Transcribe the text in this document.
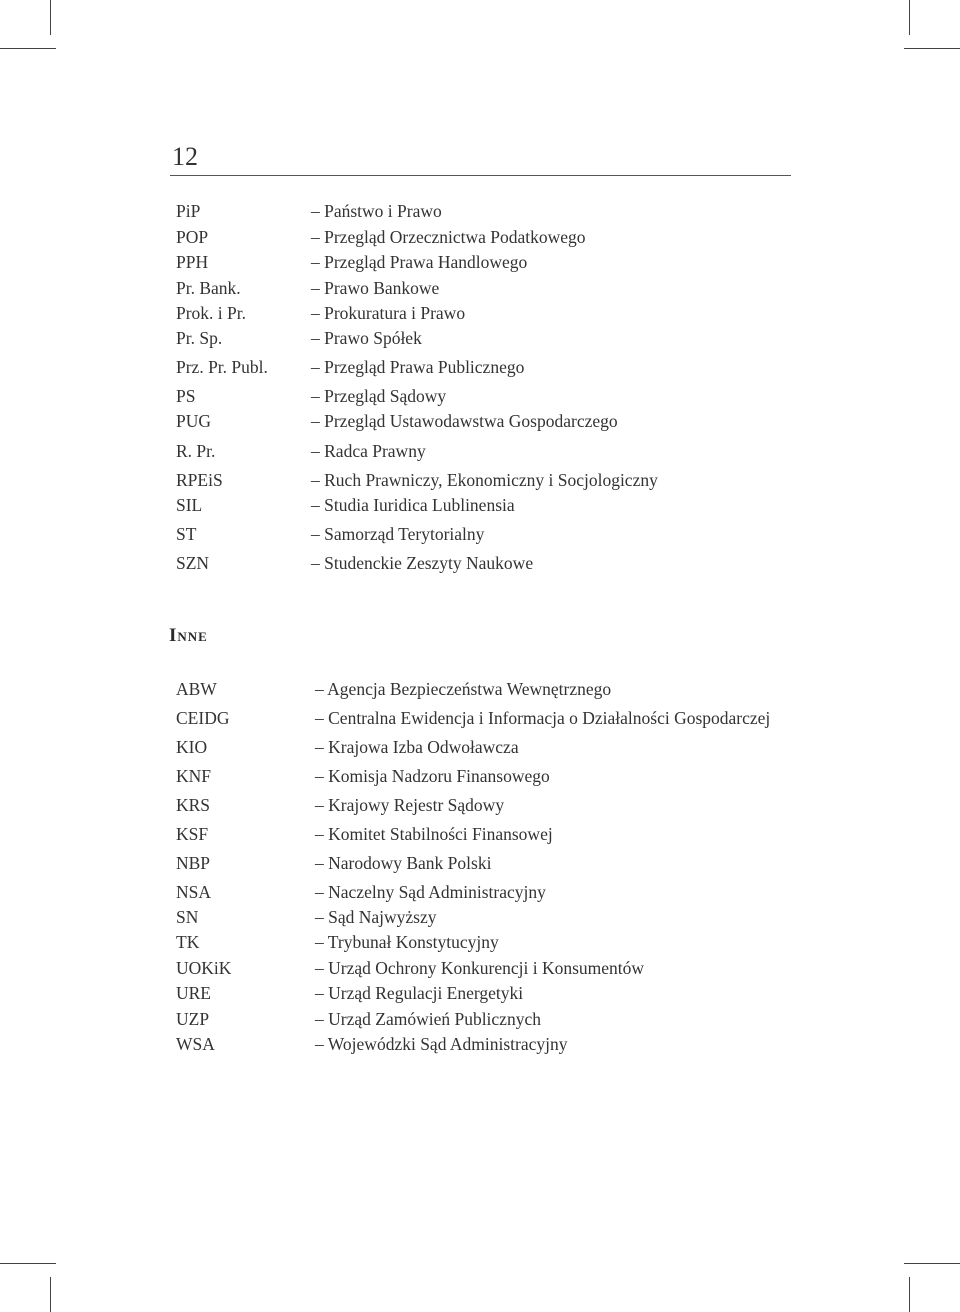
12
PiP	– Państwo i Prawo
POP	– Przegląd Orzecznictwa Podatkowego
PPH	– Przegląd Prawa Handlowego
Pr. Bank.	– Prawo Bankowe
Prok. i Pr.	– Prokuratura i Prawo
Pr. Sp.	– Prawo Spółek
Prz. Pr. Publ. – Przegląd Prawa Publicznego
PS	– Przegląd Sądowy
PUG	– Przegląd Ustawodawstwa Gospodarczego
R. Pr.	– Radca Prawny
RPEiS	– Ruch Prawniczy, Ekonomiczny i Socjologiczny
SIL	– Studia Iuridica Lublinensia
ST	– Samorząd Terytorialny
SZN	– Studenckie Zeszyty Naukowe
Inne
ABW	– Agencja Bezpieczeństwa Wewnętrznego
CEIDG	– Centralna Ewidencja i Informacja o Działalności Gospodarczej
KIO	– Krajowa Izba Odwoławcza
KNF	– Komisja Nadzoru Finansowego
KRS	– Krajowy Rejestr Sądowy
KSF	– Komitet Stabilności Finansowej
NBP	– Narodowy Bank Polski
NSA	– Naczelny Sąd Administracyjny
SN	– Sąd Najwyższy
TK	– Trybunał Konstytucyjny
UOKiK	– Urząd Ochrony Konkurencji i Konsumentów
URE	– Urząd Regulacji Energetyki
UZP	– Urząd Zamówień Publicznych
WSA	– Wojewódzki Sąd Administracyjny
